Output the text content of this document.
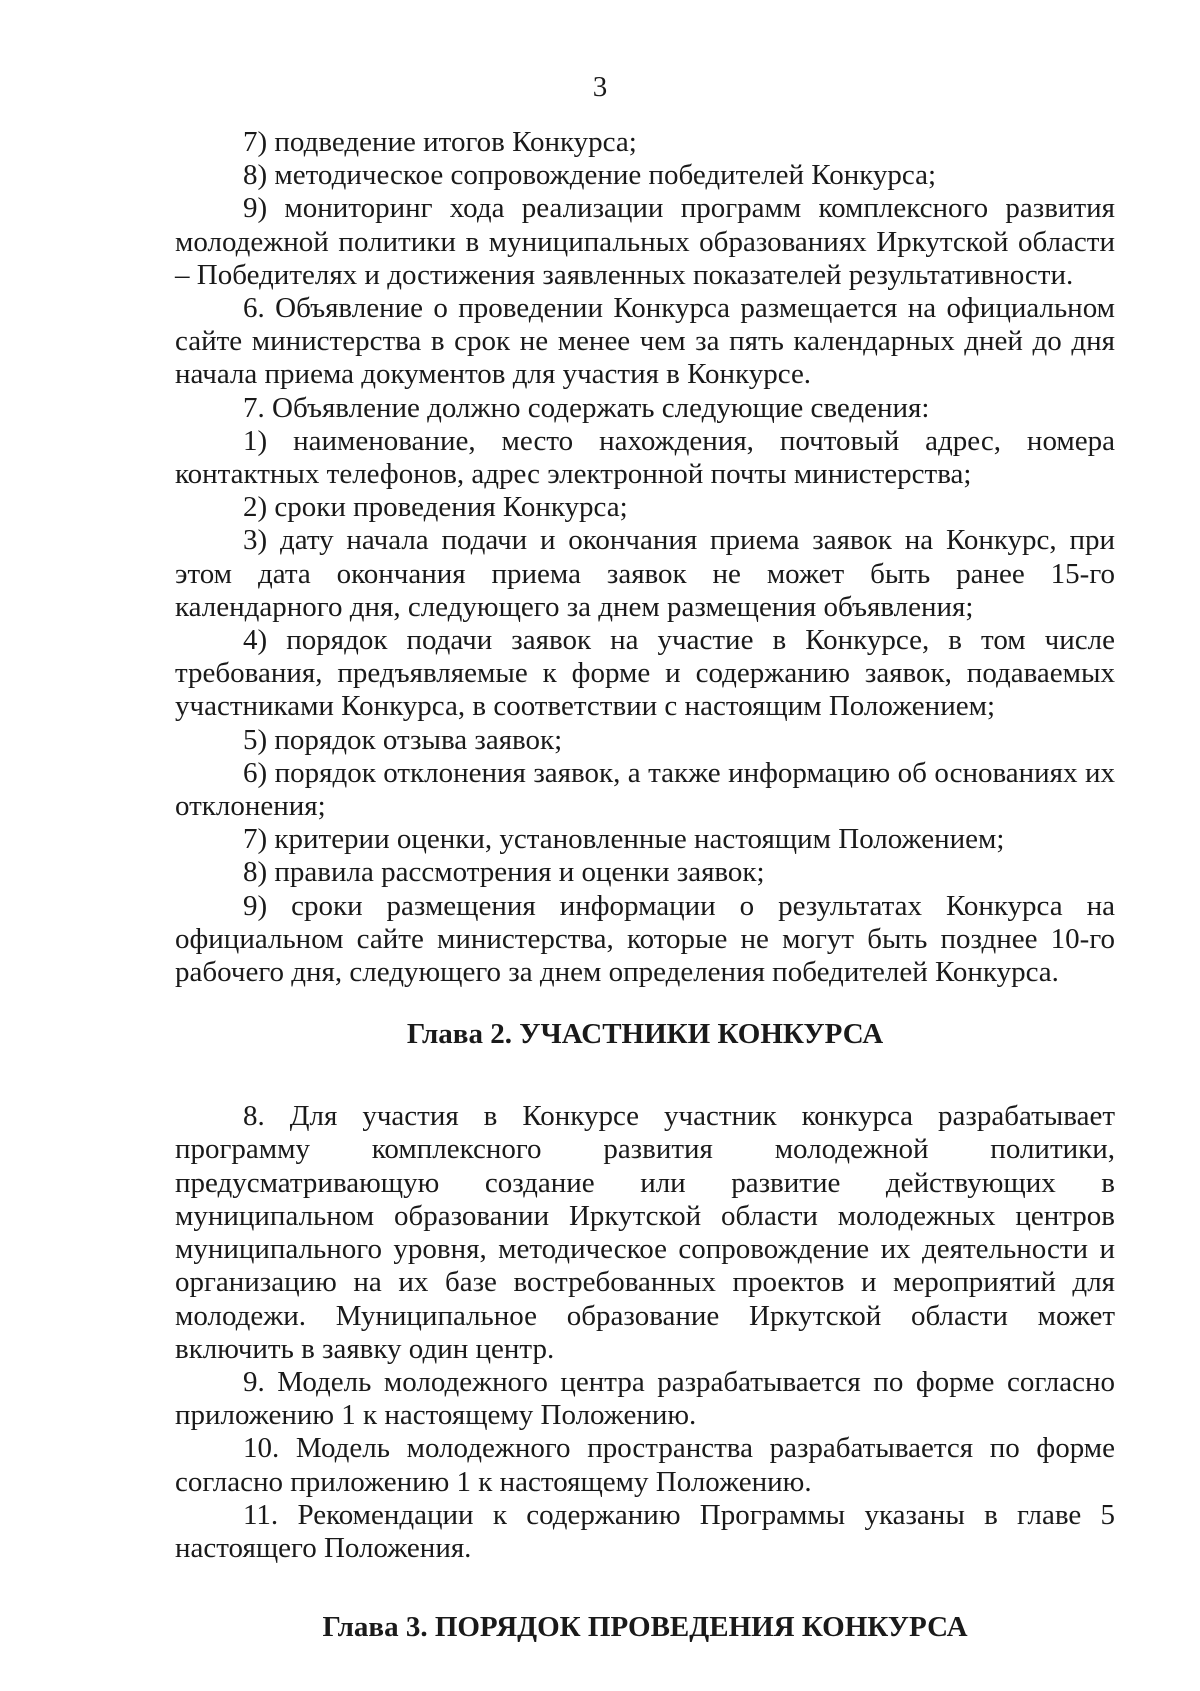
3

7) подведение итогов Конкурса;

8) методическое сопровождение победителей Конкурса;

9) мониторинг хода реализации программ комплексного развития молодежной политики в муниципальных образованиях Иркутской области – Победителях и достижения заявленных показателей результативности.

6. Объявление о проведении Конкурса размещается на официальном сайте министерства в срок не менее чем за пять календарных дней до дня начала приема документов для участия в Конкурсе.

7. Объявление должно содержать следующие сведения:

1) наименование, место нахождения, почтовый адрес, номера контактных телефонов, адрес электронной почты министерства;

2) сроки проведения Конкурса;

3) дату начала подачи и окончания приема заявок на Конкурс, при этом дата окончания приема заявок не может быть ранее 15-го календарного дня, следующего за днем размещения объявления;

4) порядок подачи заявок на участие в Конкурсе, в том числе требования, предъявляемые к форме и содержанию заявок, подаваемых участниками Конкурса, в соответствии с настоящим Положением;

5) порядок отзыва заявок;

6) порядок отклонения заявок, а также информацию об основаниях их отклонения;

7) критерии оценки, установленные настоящим Положением;

8) правила рассмотрения и оценки заявок;

9) сроки размещения информации о результатах Конкурса на официальном сайте министерства, которые не могут быть позднее 10-го рабочего дня, следующего за днем определения победителей Конкурса.

Глава 2. УЧАСТНИКИ КОНКУРСА

8. Для участия в Конкурсе участник конкурса разрабатывает программу комплексного развития молодежной политики, предусматривающую создание или развитие действующих в муниципальном образовании Иркутской области молодежных центров муниципального уровня, методическое сопровождение их деятельности и организацию на их базе востребованных проектов и мероприятий для молодежи. Муниципальное образование Иркутской области может включить в заявку один центр.

9. Модель молодежного центра разрабатывается по форме согласно приложению 1 к настоящему Положению.

10. Модель молодежного пространства разрабатывается по форме согласно приложению 1 к настоящему Положению.

11. Рекомендации к содержанию Программы указаны в главе 5 настоящего Положения.

Глава 3. ПОРЯДОК ПРОВЕДЕНИЯ КОНКУРСА
